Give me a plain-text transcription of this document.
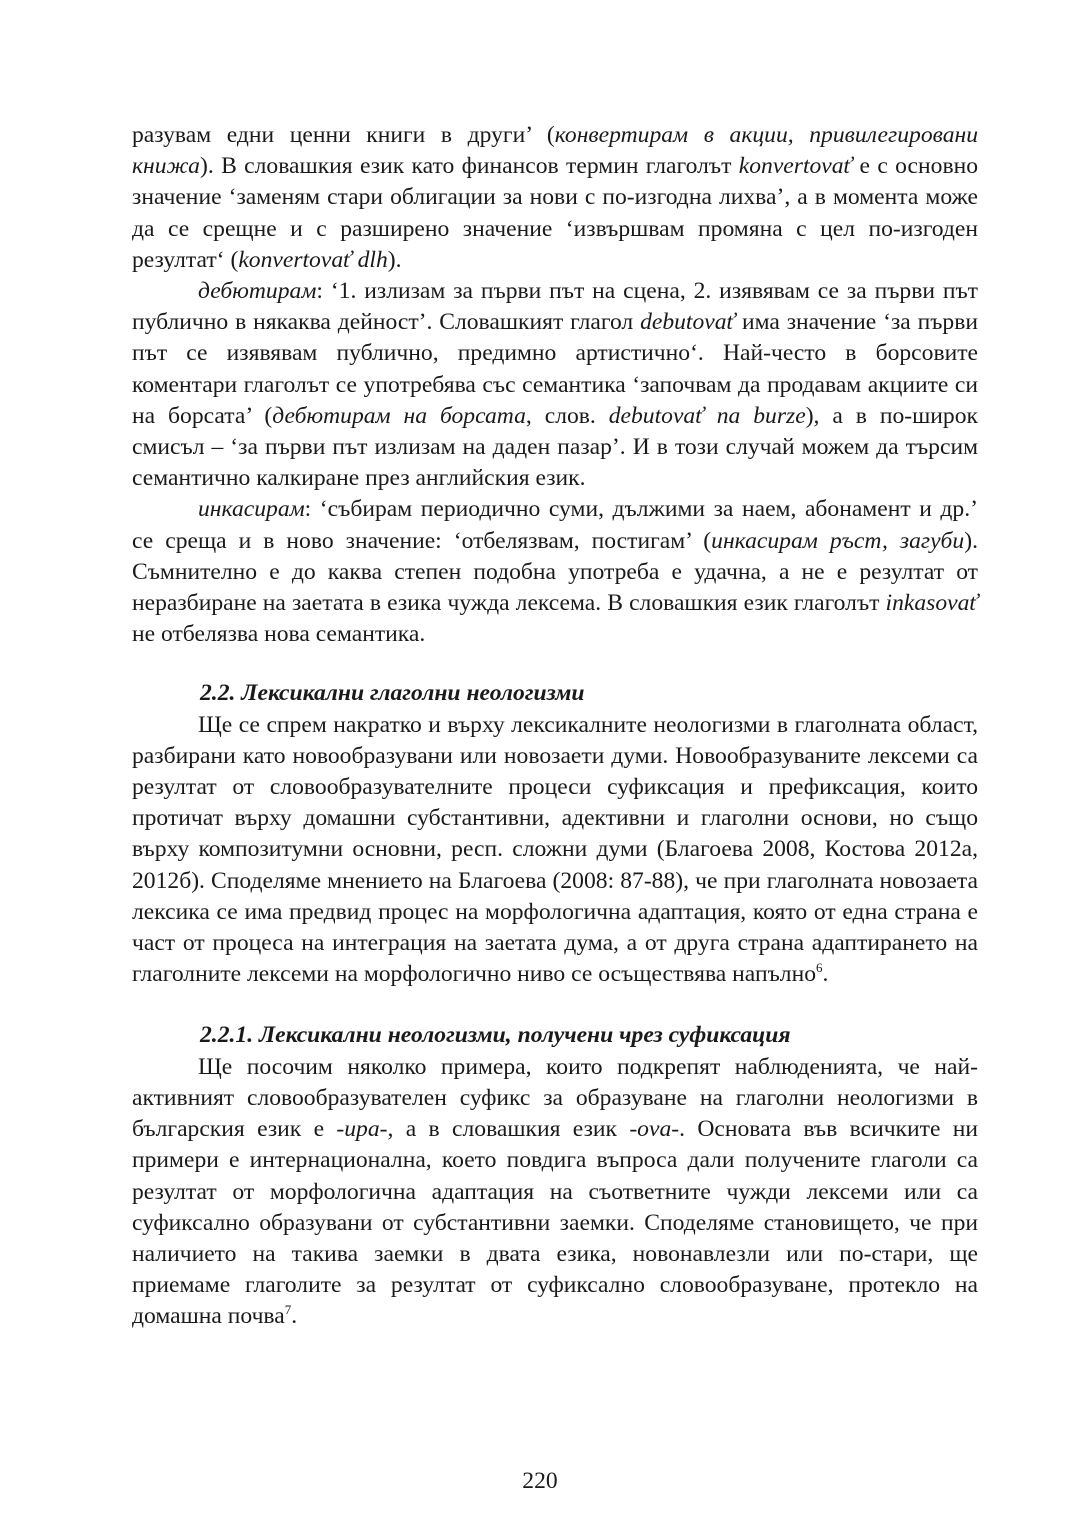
разувам едни ценни книги в други’ (конвертирам в акции, привилегировани книжа). В словашкия език като финансов термин глаголът konvertovať е с основно значение ‘заменям стари облигации за нови с по-изгодна лихва’, а в момента може да се срещне и с разширено значение ‘извършвам промяна с цел по-изгоден резултат‘ (konvertovať dlh).

дебютирам: ‘1. излизам за първи път на сцена, 2. изявявам се за първи път публично в някаква дейност’. Словашкият глагол debutovať има значение ‘за първи път се изявявам публично, предимно артистично‘. Най-често в борсовите коментари глаголът се употребява със семантика ‘започвам да продавам акциите си на борсата’ (дебютирам на борсата, слов. debutovať na burze), а в по-широк смисъл – ‘за първи път излизам на даден пазар’. И в този случай можем да търсим семантично калкиране през английския език.

инкасирам: ‘събирам периодично суми, дължими за наем, абонамент и др.’ се среща и в ново значение: ‘отбелязвам, постигам’ (инкасирам ръст, загуби). Съмнително е до каква степен подобна употреба е удачна, а не е резултат от неразбиране на заетата в езика чужда лексема. В словашкия език глаголът inkasovať не отбелязва нова семантика.

2.2. Лексикални глаголни неологизми

Ще се спрем накратко и върху лексикалните неологизми в глаголната област, разбирани като новообразувани или новозаети думи. Новообразуваните лексеми са резултат от словообразувателните процеси суфиксация и префиксация, които протичат върху домашни субстантивни, адективни и глаголни основи, но също върху композитумни основни, респ. сложни думи (Благоева 2008, Костова 2012а, 2012б). Споделяме мнението на Благоева (2008: 87-88), че при глаголната новозаета лексика се има предвид процес на морфологична адаптация, която от една страна е част от процеса на интеграция на заетата дума, а от друга страна адаптирането на глаголните лексеми на морфологично ниво се осъществява напълно$^6$.

2.2.1. Лексикални неологизми, получени чрез суфиксация

Ще посочим няколко примера, които подкрепят наблюденията, че най-активният словообразувателен суфикс за образуване на глаголни неологизми в българския език е -ира-, а в словашкия език -ova-. Основата във всичките ни примери е интернационална, което повдига въпроса дали получените глаголи са резултат от морфологична адаптация на съответните чужди лексеми или са суфиксално образувани от субстантивни заемки. Споделяме становището, че при наличието на такива заемки в двата езика, новонавлезли или по-стари, ще приемаме глаголите за резултат от суфиксално словообразуване, протекло на домашна почва$^7$.

220
